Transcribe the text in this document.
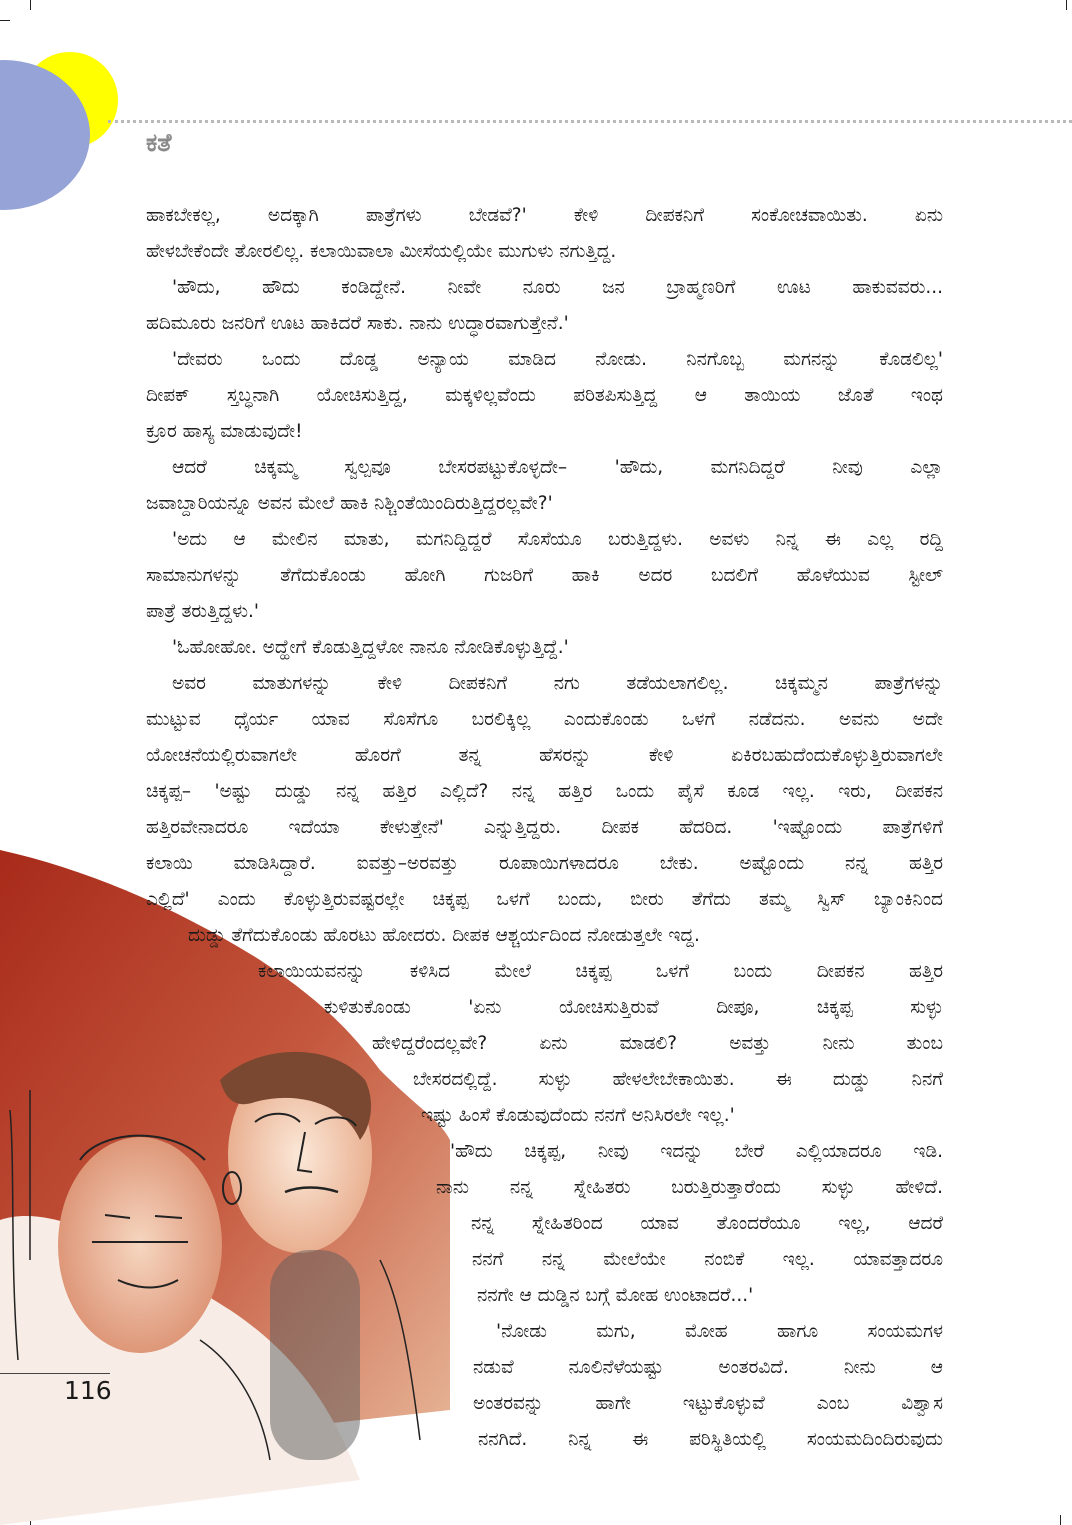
ಕತೆ
ಹಾಕಬೇಕಲ್ಲ, ಅದಕ್ಕಾಗಿ ಪಾತ್ರೆಗಳು ಬೇಡವೆ?' ಕೇಳಿ ದೀಪಕನಿಗೆ ಸಂಕೋಚವಾಯಿತು. ಏನು
ಹೇಳಬೇಕೆಂದೇ ತೋರಲಿಲ್ಲ. ಕಲಾಯಿವಾಲಾ ಮೀಸೆಯಲ್ಲಿಯೇ ಮುಗುಳು ನಗುತ್ತಿದ್ದ.
'ಹೌದು, ಹೌದು ಕಂಡಿದ್ದೇನೆ. ನೀವೇ ನೂರು ಜನ ಬ್ರಾಹ್ಮಣರಿಗೆ ಊಟ ಹಾಕುವವರು...
ಹದಿಮೂರು ಜನರಿಗೆ ಊಟ ಹಾಕಿದರೆ ಸಾಕು. ನಾನು ಉದ್ಧಾರವಾಗುತ್ತೇನೆ.'
'ದೇವರು ಒಂದು ದೊಡ್ಡ ಅನ್ಯಾಯ ಮಾಡಿದ ನೋಡು. ನಿನಗೊಬ್ಬ ಮಗನನ್ನು ಕೊಡಲಿಲ್ಲ'
ದೀಪಕ್ ಸ್ತಬ್ಧನಾಗಿ ಯೋಚಿಸುತ್ತಿದ್ದ, ಮಕ್ಕಳಿಲ್ಲವೆಂದು ಪರಿತಪಿಸುತ್ತಿದ್ದ ಆ ತಾಯಿಯ ಜೊತೆ ಇಂಥ
ಕ್ರೂರ ಹಾಸ್ಯ ಮಾಡುವುದೇ!
ಆದರೆ ಚಿಕ್ಕಮ್ಮ ಸ್ವಲ್ಪವೂ ಬೇಸರಪಟ್ಟುಕೊಳ್ಳದೇ– 'ಹೌದು, ಮಗನಿದಿದ್ದರೆ ನೀವು ಎಲ್ಲಾ
ಜವಾಬ್ದಾರಿಯನ್ನೂ ಅವನ ಮೇಲೆ ಹಾಕಿ ನಿಶ್ಚಿಂತೆಯಿಂದಿರುತ್ತಿದ್ದರಲ್ಲವೇ?'
'ಅದು ಆ ಮೇಲಿನ ಮಾತು, ಮಗನಿದ್ದಿದ್ದರೆ ಸೊಸೆಯೂ ಬರುತ್ತಿದ್ದಳು. ಅವಳು ನಿನ್ನ ಈ ಎಲ್ಲ ರದ್ದಿ
ಸಾಮಾನುಗಳನ್ನು ತೆಗೆದುಕೊಂಡು ಹೋಗಿ ಗುಜರಿಗೆ ಹಾಕಿ ಅದರ ಬದಲಿಗೆ ಹೊಳೆಯುವ ಸ್ಟೀಲ್
ಪಾತ್ರೆ ತರುತ್ತಿದ್ದಳು.'
'ಓಹೋಹೋ. ಅದ್ಹೇಗೆ ಕೊಡುತ್ತಿದ್ದಳೋ ನಾನೂ ನೋಡಿಕೊಳ್ಳುತ್ತಿದ್ದೆ.'
ಅವರ ಮಾತುಗಳನ್ನು ಕೇಳಿ ದೀಪಕನಿಗೆ ನಗು ತಡೆಯಲಾಗಲಿಲ್ಲ. ಚಿಕ್ಕಮ್ಮನ ಪಾತ್ರೆಗಳನ್ನು
ಮುಟ್ಟುವ ಧೈರ್ಯ ಯಾವ ಸೊಸೆಗೂ ಬರಲಿಕ್ಕಿಲ್ಲ ಎಂದುಕೊಂಡು ಒಳಗೆ ನಡೆದನು. ಅವನು ಅದೇ
ಯೋಚನೆಯಲ್ಲಿರುವಾಗಲೇ ಹೊರಗೆ ತನ್ನ ಹೆಸರನ್ನು ಕೇಳಿ ಏಕಿರಬಹುದೆಂದುಕೊಳ್ಳುತ್ತಿರುವಾಗಲೇ
ಚಿಕ್ಕಪ್ಪ– 'ಅಷ್ಟು ದುಡ್ಡು ನನ್ನ ಹತ್ತಿರ ಎಲ್ಲಿದೆ? ನನ್ನ ಹತ್ತಿರ ಒಂದು ಪೈಸೆ ಕೂಡ ಇಲ್ಲ. ಇರು, ದೀಪಕನ
ಹತ್ತಿರವೇನಾದರೂ ಇದೆಯಾ ಕೇಳುತ್ತೇನೆ' ಎನ್ನುತ್ತಿದ್ದರು. ದೀಪಕ ಹೆದರಿದ. 'ಇಷ್ಟೊಂದು ಪಾತ್ರೆಗಳಿಗೆ
ಕಲಾಯಿ ಮಾಡಿಸಿದ್ದಾರೆ. ಐವತ್ತು–ಅರವತ್ತು ರೂಪಾಯಿಗಳಾದರೂ ಬೇಕು. ಅಷ್ಟೊಂದು ನನ್ನ ಹತ್ತಿರ
ಎಲ್ಲಿದೆ' ಎಂದು ಕೊಳ್ಳುತ್ತಿರುವಷ್ಟರಲ್ಲೇ ಚಿಕ್ಕಪ್ಪ ಒಳಗೆ ಬಂದು, ಬೀರು ತೆಗೆದು ತಮ್ಮ ಸ್ವಿಸ್ ಬ್ಯಾಂಕಿನಿಂದ
ದುಡ್ಡು ತೆಗೆದುಕೊಂಡು ಹೊರಟು ಹೋದರು. ದೀಪಕ ಆಶ್ಚರ್ಯದಿಂದ ನೋಡುತ್ತಲೇ ಇದ್ದ.
ಕಲಾಯಿಯವನನ್ನು ಕಳಿಸಿದ ಮೇಲೆ ಚಿಕ್ಕಪ್ಪ ಒಳಗೆ ಬಂದು ದೀಪಕನ ಹತ್ತಿರ
ಕುಳಿತುಕೊಂಡು 'ಏನು ಯೋಚಿಸುತ್ತಿರುವೆ ದೀಪೂ, ಚಿಕ್ಕಪ್ಪ ಸುಳ್ಳು
ಹೇಳಿದ್ದರೆಂದಲ್ಲವೇ? ಏನು ಮಾಡಲಿ? ಅವತ್ತು ನೀನು ತುಂಬ
ಬೇಸರದಲ್ಲಿದ್ದೆ. ಸುಳ್ಳು ಹೇಳಲೇಬೇಕಾಯಿತು. ಈ ದುಡ್ಡು ನಿನಗೆ
ಇಷ್ಟು ಹಿಂಸೆ ಕೊಡುವುದೆಂದು ನನಗೆ ಅನಿಸಿರಲೇ ಇಲ್ಲ.'
'ಹೌದು ಚಿಕ್ಕಪ್ಪ, ನೀವು ಇದನ್ನು ಬೇರೆ ಎಲ್ಲಿಯಾದರೂ ಇಡಿ.
ನಾನು ನನ್ನ ಸ್ನೇಹಿತರು ಬರುತ್ತಿರುತ್ತಾರೆಂದು ಸುಳ್ಳು ಹೇಳಿದೆ.
ನನ್ನ ಸ್ನೇಹಿತರಿಂದ ಯಾವ ತೊಂದರೆಯೂ ಇಲ್ಲ, ಆದರೆ
ನನಗೆ ನನ್ನ ಮೇಲೆಯೇ ನಂಬಿಕೆ ಇಲ್ಲ. ಯಾವತ್ತಾದರೂ
ನನಗೇ ಆ ದುಡ್ಡಿನ ಬಗ್ಗೆ ಮೋಹ ಉಂಟಾದರೆ...'
'ನೋಡು ಮಗು, ಮೋಹ ಹಾಗೂ ಸಂಯಮಗಳ
ನಡುವೆ ನೂಲಿನೆಳೆಯಷ್ಟು ಅಂತರವಿದೆ. ನೀನು ಆ
ಅಂತರವನ್ನು ಹಾಗೇ ಇಟ್ಟುಕೊಳ್ಳುವೆ ಎಂಬ ವಿಶ್ವಾಸ
ನನಗಿದೆ. ನಿನ್ನ ಈ ಪರಿಸ್ಥಿತಿಯಲ್ಲಿ ಸಂಯಮದಿಂದಿರುವುದು
116
